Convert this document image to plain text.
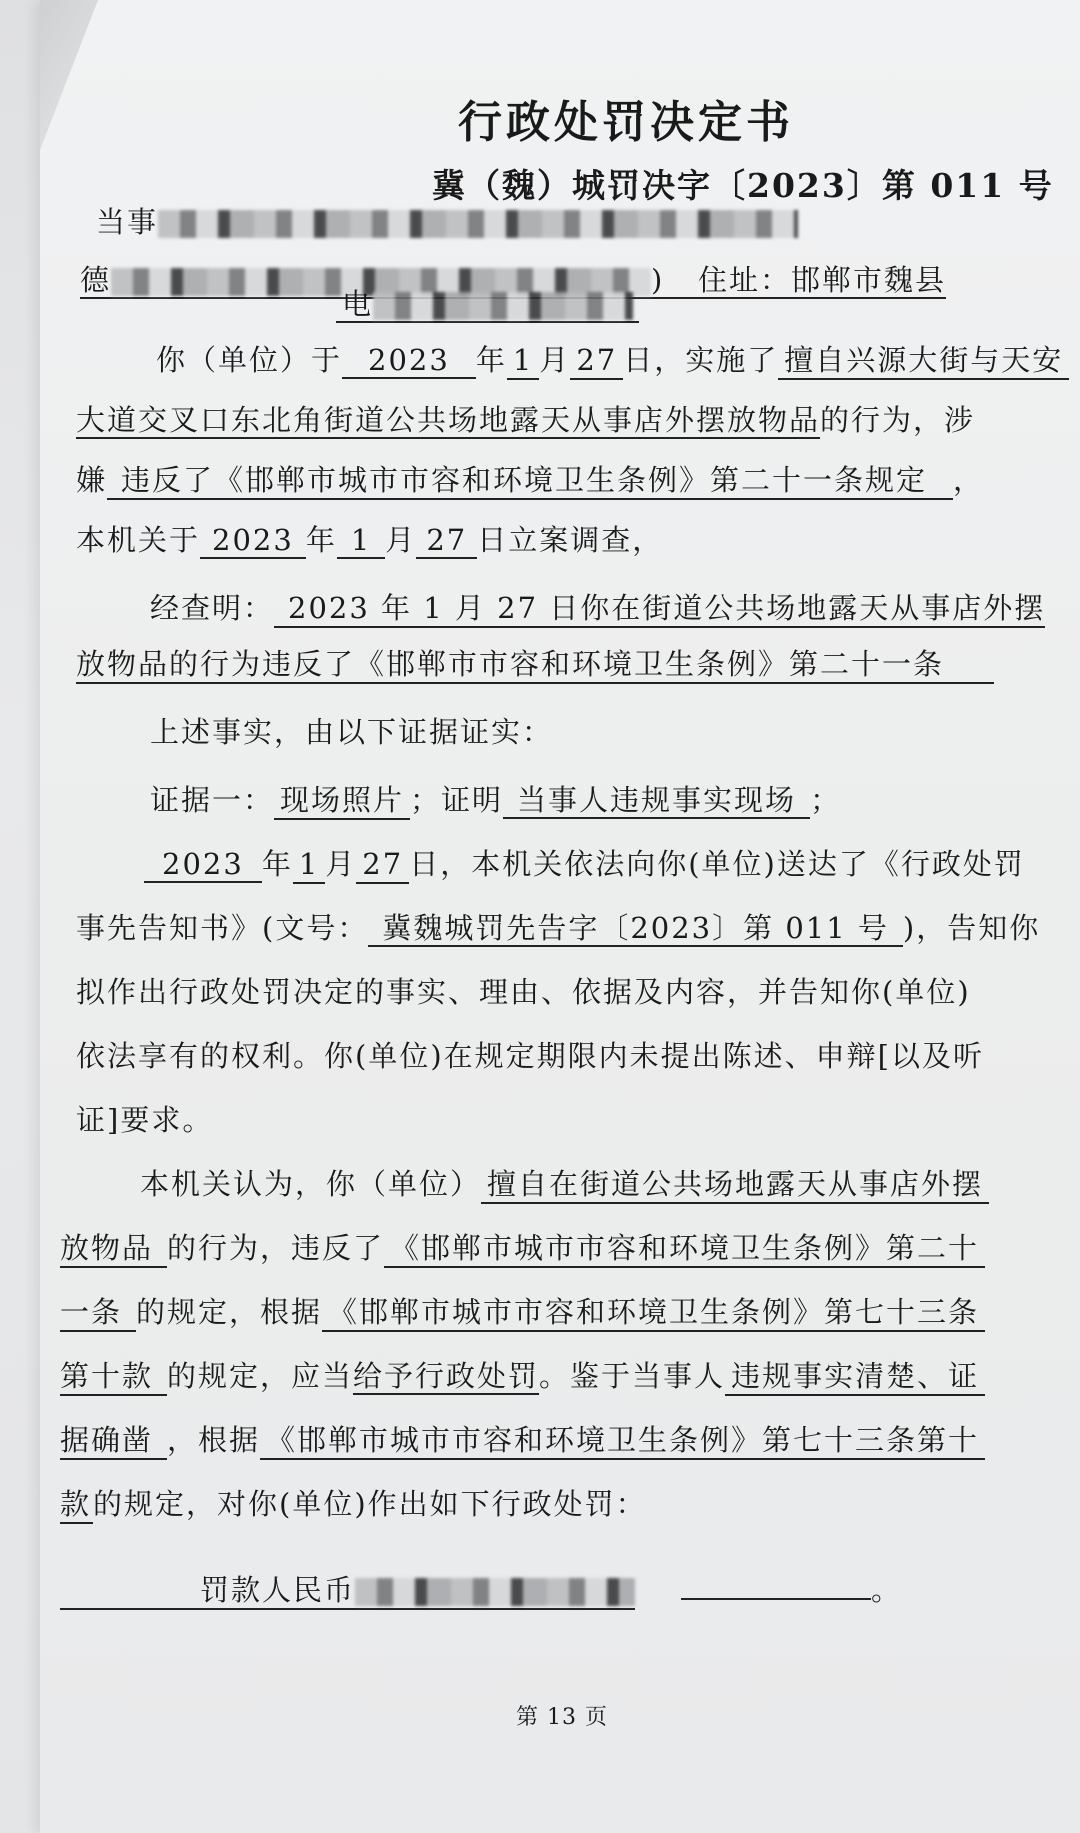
行政处罚决定书
冀（魏）城罚决字〔2023〕第 011 号
当事
德	)   住址：邯郸市魏县
电
你（单位）于 2023 年 1 月 27 日，实施了 擅自兴源大街与天安
大道交叉口东北角街道公共场地露天从事店外摆放物品的行为，涉
嫌 违反了《邯郸市城市市容和环境卫生条例》第二十一条规定 ，
本机关于 2023 年 1 月 27 日立案调查，
经查明： 2023 年 1 月 27 日你在街道公共场地露天从事店外摆
放物品的行为违反了《邯郸市市容和环境卫生条例》第二十一条
上述事实，由以下证据证实：
证据一： 现场照片 ；证明 当事人违规事实现场 ；
2023 年 1 月 27 日，本机关依法向你(单位)送达了《行政处罚
事先告知书》(文号： 冀魏城罚先告字〔2023〕第 011 号 )，告知你
拟作出行政处罚决定的事实、理由、依据及内容，并告知你(单位)
依法享有的权利。你(单位)在规定期限内未提出陈述、申辩[以及听
证]要求。
本机关认为，你（单位） 擅自在街道公共场地露天从事店外摆
放物品 的行为，违反了 《邯郸市城市市容和环境卫生条例》第二十
一条 的规定，根据 《邯郸市城市市容和环境卫生条例》第七十三条
第十款 的规定，应当给予行政处罚。鉴于当事人 违规事实清楚、证
据确凿 ，根据 《邯郸市城市市容和环境卫生条例》第七十三条第十
款的规定，对你(单位)作出如下行政处罚：
罚款人民币	。
第 13 页
